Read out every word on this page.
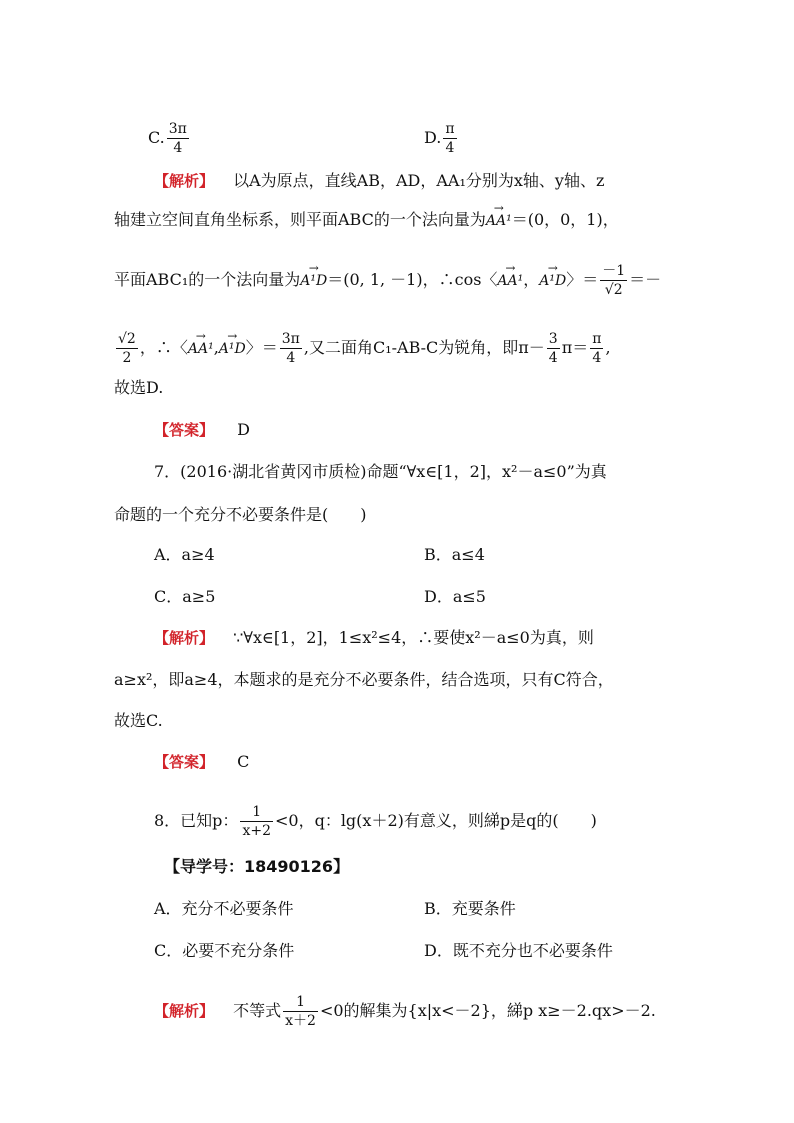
C. $\frac{3\pi}{4}$	D. $\frac{\pi}{4}$
【解析】 以A为原点，直线AB，AD，AA₁分别为x轴、y轴、z
轴建立空间直角坐标系，则平面ABC的一个法向量为→ AA¹＝(0，0，1)，
平面ABC₁的一个法向量为→ A¹D＝(0, 1, －1)，∴cos〈→ AA¹，→ A¹D〉＝ $\frac{-1}{√2}$ ＝－
$\frac{√2}{2}$ ，∴〈→ AA¹,→ A¹D〉＝ $\frac{3\pi}{4}$ ,又二面角C₁-AB-C为锐角，即$\pi- \frac{3}{4} \pi= \frac{\pi}{4}$ ,
故选D.
【答案】 D
7．(2016·湖北省黄冈市质检)命题“∀x∈[1，2]，x²－a≤0”为真
命题的一个充分不必要条件是(　　)
A．a≥4	B．a≤4
C．a≥5	D．a≤5
【解析】 ∵∀x∈[1，2]，1≤x²≤4，∴要使x²－a≤0为真，则
a≥x²，即a≥4，本题求的是充分不必要条件，结合选项，只有C符合，
故选C.
【答案】 C
8．已知p： $\frac{1}{x+2} <0$，q：lg(x＋2)有意义，则綈p是q的(　　)
【导学号：18490126】
A．充分不必要条件	B．充要条件
C．必要不充分条件	D．既不充分也不必要条件
【解析】 不等式 $\frac{1}{x+2} <0$的解集为{x|x<－2}，綈p x≥－2.qx>－2.
